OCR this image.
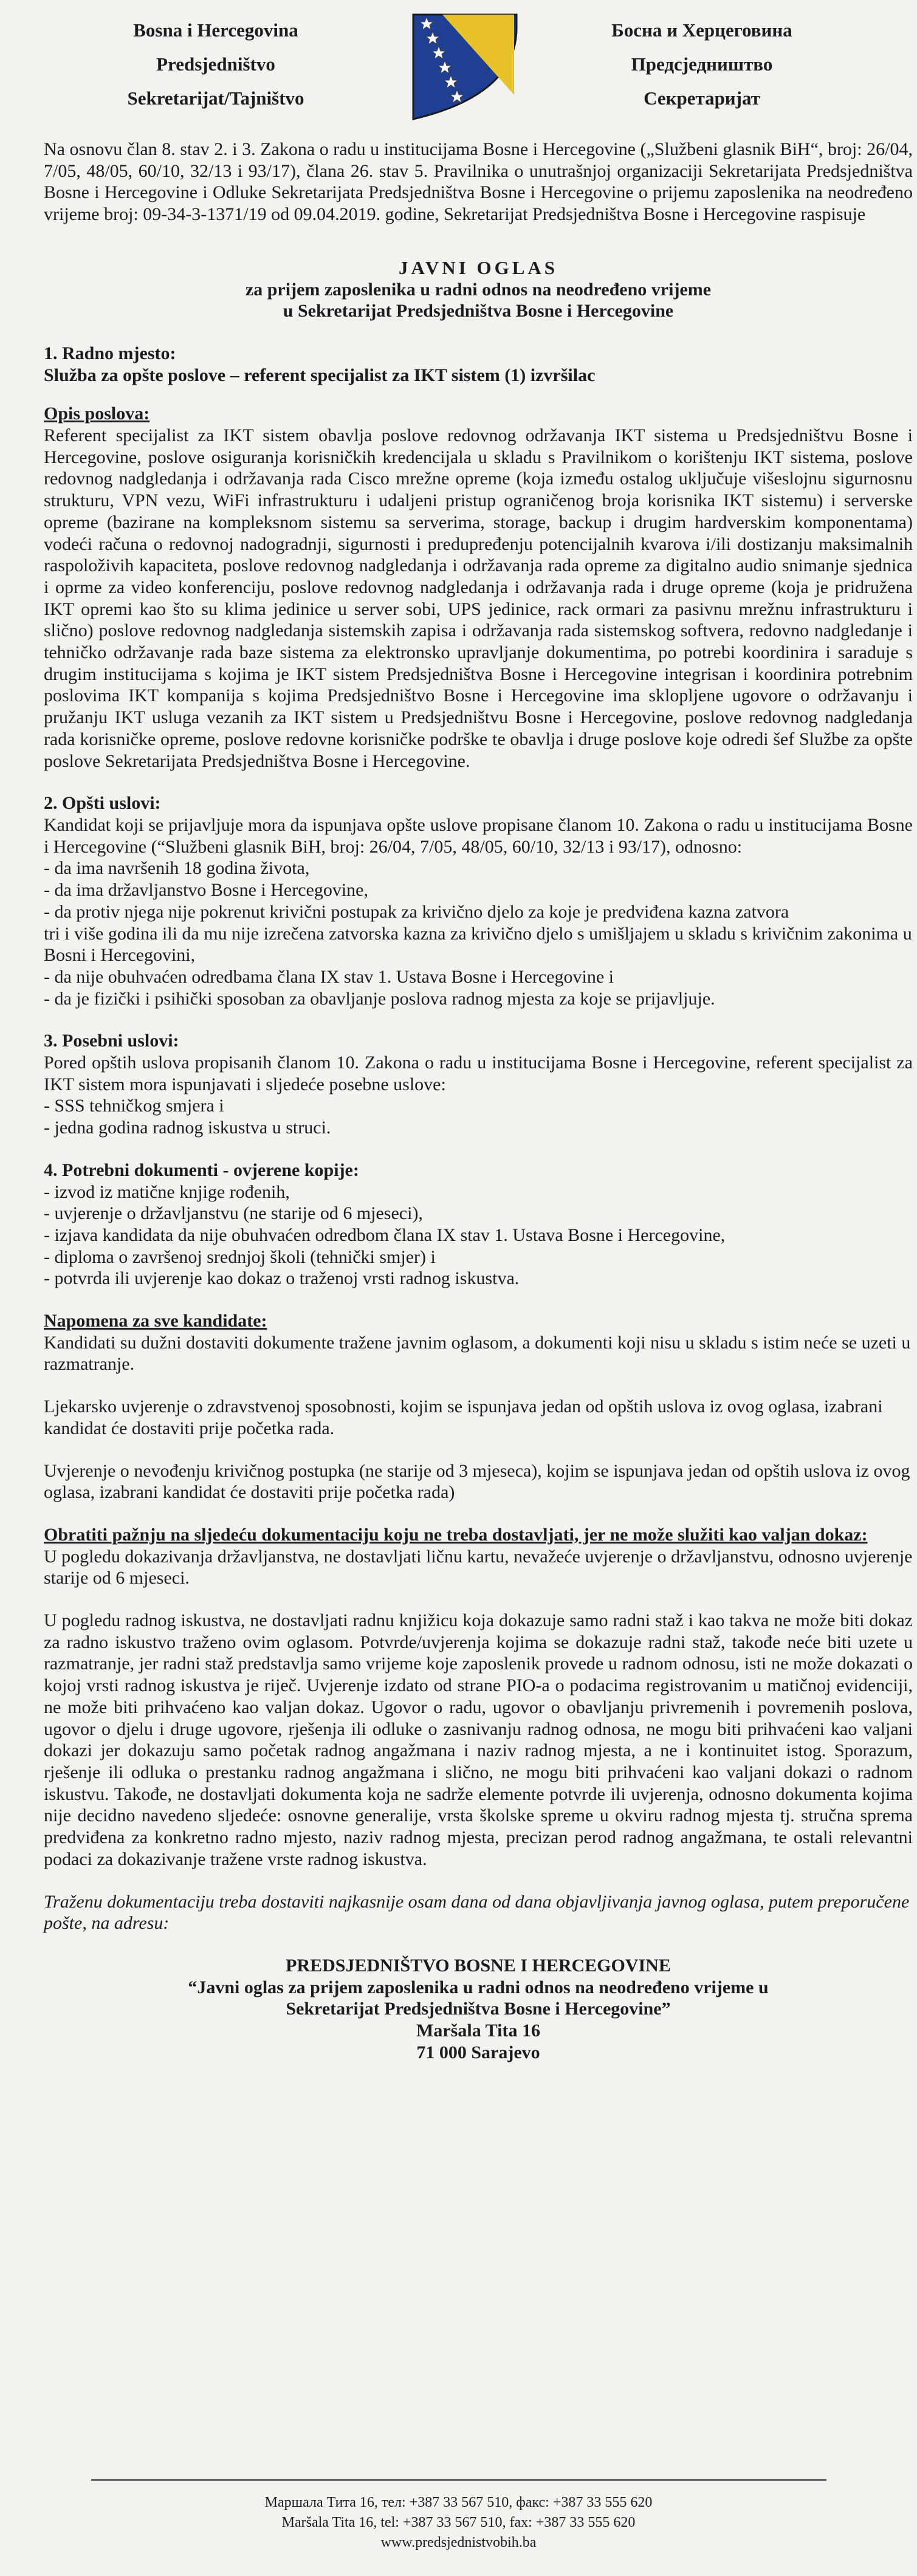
Bosna i Hercegovina
Predsjedništvo
Sekretarijat/Tajništvo
Босна и Херцеговина
Предсједништво
Секретаријат

Na osnovu član 8. stav 2. i 3. Zakona o radu u institucijama Bosne i Hercegovine („Službeni glasnik BiH“, broj: 26/04, 7/05, 48/05, 60/10, 32/13 i 93/17), člana 26. stav 5. Pravilnika o unutrašnjoj organizaciji Sekretarijata Predsjedništva Bosne i Hercegovine i Odluke Sekretarijata Predsjedništva Bosne i Hercegovine o prijemu zaposlenika na neodređeno vrijeme broj: 09-34-3-1371/19 od 09.04.2019. godine, Sekretarijat Predsjedništva Bosne i Hercegovine raspisuje

JAVNI OGLAS
za prijem zaposlenika u radni odnos na neodređeno vrijeme
u Sekretarijat Predsjedništva Bosne i Hercegovine
1. Radno mjesto:
Služba za opšte poslove – referent specijalist za IKT sistem (1) izvršilac
Opis poslova:

Referent specijalist za IKT sistem obavlja poslove redovnog održavanja IKT sistema u Predsjedništvu Bosne i Hercegovine, poslove osiguranja korisničkih kredencijala u skladu s Pravilnikom o korištenju IKT sistema, poslove redovnog nadgledanja i održavanja rada Cisco mrežne opreme (koja između ostalog uključuje višeslojnu sigurnosnu strukturu, VPN vezu, WiFi infrastrukturu i udaljeni pristup ograničenog broja korisnika IKT sistemu) i serverske opreme (bazirane na kompleksnom sistemu sa serverima, storage, backup i drugim hardverskim komponentama) vodeći računa o redovnoj nadogradnji, sigurnosti i predupređenju potencijalnih kvarova i/ili dostizanju maksimalnih raspoloživih kapaciteta, poslove redovnog nadgledanja i održavanja rada opreme za digitalno audio snimanje sjednica i oprme za video konferenciju, poslove redovnog nadgledanja i održavanja rada i druge opreme (koja je pridružena IKT opremi kao što su klima jedinice u server sobi, UPS jedinice, rack ormari za pasivnu mrežnu infrastrukturu i slično) poslove redovnog nadgledanja sistemskih zapisa i održavanja rada sistemskog softvera, redovno nadgledanje i tehničko održavanje rada baze sistema za elektronsko upravljanje dokumentima, po potrebi koordinira i saraduje s drugim institucijama s kojima je IKT sistem Predsjedništva Bosne i Hercegovine integrisan i koordinira potrebnim poslovima IKT kompanija s kojima Predsjedništvo Bosne i Hercegovine ima sklopljene ugovore o održavanju i pružanju IKT usluga vezanih za IKT sistem u Predsjedništvu Bosne i Hercegovine, poslove redovnog nadgledanja rada korisničke opreme, poslove redovne korisničke podrške te obavlja i druge poslove koje odredi šef Službe za opšte poslove Sekretarijata Predsjedništva Bosne i Hercegovine.

2. Opšti uslovi:

Kandidat koji se prijavljuje mora da ispunjava opšte uslove propisane članom 10. Zakona o radu u institucijama Bosne i Hercegovine (“Službeni glasnik BiH, broj: 26/04, 7/05, 48/05, 60/10, 32/13 i 93/17), odnosno:

- da ima navršenih 18 godina života,
- da ima državljanstvo Bosne i Hercegovine,
- da protiv njega nije pokrenut krivični postupak za krivično djelo za koje je predviđena kazna zatvora
tri i više godina ili da mu nije izrečena zatvorska kazna za krivično djelo s umišljajem u skladu s krivičnim zakonima u Bosni i Hercegovini,
- da nije obuhvaćen odredbama člana IX stav 1. Ustava Bosne i Hercegovine i
- da je fizički i psihički sposoban za obavljanje poslova radnog mjesta za koje se prijavljuje.
3. Posebni uslovi:

Pored opštih uslova propisanih članom 10. Zakona o radu u institucijama Bosne i Hercegovine, referent specijalist za IKT sistem mora ispunjavati i sljedeće posebne uslove:

- SSS tehničkog smjera i
- jedna godina radnog iskustva u struci.
4. Potrebni dokumenti - ovjerene kopije:
- izvod iz matične knjige rođenih,
- uvjerenje o državljanstvu (ne starije od 6 mjeseci),
- izjava kandidata da nije obuhvaćen odredbom člana IX stav 1. Ustava Bosne i Hercegovine,
- diploma o završenoj srednjoj školi (tehnički smjer) i
- potvrda ili uvjerenje kao dokaz o traženoj vrsti radnog iskustva.
Napomena za sve kandidate:

Kandidati su dužni dostaviti dokumente tražene javnim oglasom, a dokumenti koji nisu u skladu s istim neće se uzeti u razmatranje.

Ljekarsko uvjerenje o zdravstvenoj sposobnosti, kojim se ispunjava jedan od opštih uslova iz ovog oglasa, izabrani kandidat će dostaviti prije početka rada.

Uvjerenje o nevođenju krivičnog postupka (ne starije od 3 mjeseca), kojim se ispunjava jedan od opštih uslova iz ovog oglasa, izabrani kandidat će dostaviti prije početka rada)

Obratiti pažnju na sljedeću dokumentaciju koju ne treba dostavljati, jer ne može služiti kao valjan dokaz:

U pogledu dokazivanja državljanstva, ne dostavljati ličnu kartu, nevažeće uvjerenje o državljanstvu, odnosno uvjerenje starije od 6 mjeseci.

U pogledu radnog iskustva, ne dostavljati radnu knjižicu koja dokazuje samo radni staž i kao takva ne može biti dokaz za radno iskustvo traženo ovim oglasom. Potvrde/uvjerenja kojima se dokazuje radni staž, takođe neće biti uzete u razmatranje, jer radni staž predstavlja samo vrijeme koje zaposlenik provede u radnom odnosu, isti ne može dokazati o kojoj vrsti radnog iskustva je riječ. Uvjerenje izdato od strane PIO-a o podacima registrovanim u matičnoj evidenciji, ne može biti prihvaćeno kao valjan dokaz. Ugovor o radu, ugovor o obavljanju privremenih i povremenih poslova, ugovor o djelu i druge ugovore, rješenja ili odluke o zasnivanju radnog odnosa, ne mogu biti prihvaćeni kao valjani dokazi jer dokazuju samo početak radnog angažmana i naziv radnog mjesta, a ne i kontinuitet istog. Sporazum, rješenje ili odluka o prestanku radnog angažmana i slično, ne mogu biti prihvaćeni kao valjani dokazi o radnom iskustvu. Takođe, ne dostavljati dokumenta koja ne sadrže elemente potvrde ili uvjerenja, odnosno dokumenta kojima nije decidno navedeno sljedeće: osnovne generalije, vrsta školske spreme u okviru radnog mjesta tj. stručna sprema predviđena za konkretno radno mjesto, naziv radnog mjesta, precizan perod radnog angažmana, te ostali relevantni podaci za dokazivanje tražene vrste radnog iskustva.

Traženu dokumentaciju treba dostaviti najkasnije osam dana od dana objavljivanja javnog oglasa, putem preporučene pošte, na adresu:

PREDSJEDNIŠTVO BOSNE I HERCEGOVINE
“Javni oglas za prijem zaposlenika u radni odnos na neodređeno vrijeme u
Sekretarijat Predsjedništva Bosne i Hercegovine”
Maršala Tita 16
71 000 Sarajevo
Маршала Тита 16, тел: +387 33 567 510, факс: +387 33 555 620
Maršala Tita 16, tel: +387 33 567 510, fax: +387 33 555 620
www.predsjednistvobih.ba
